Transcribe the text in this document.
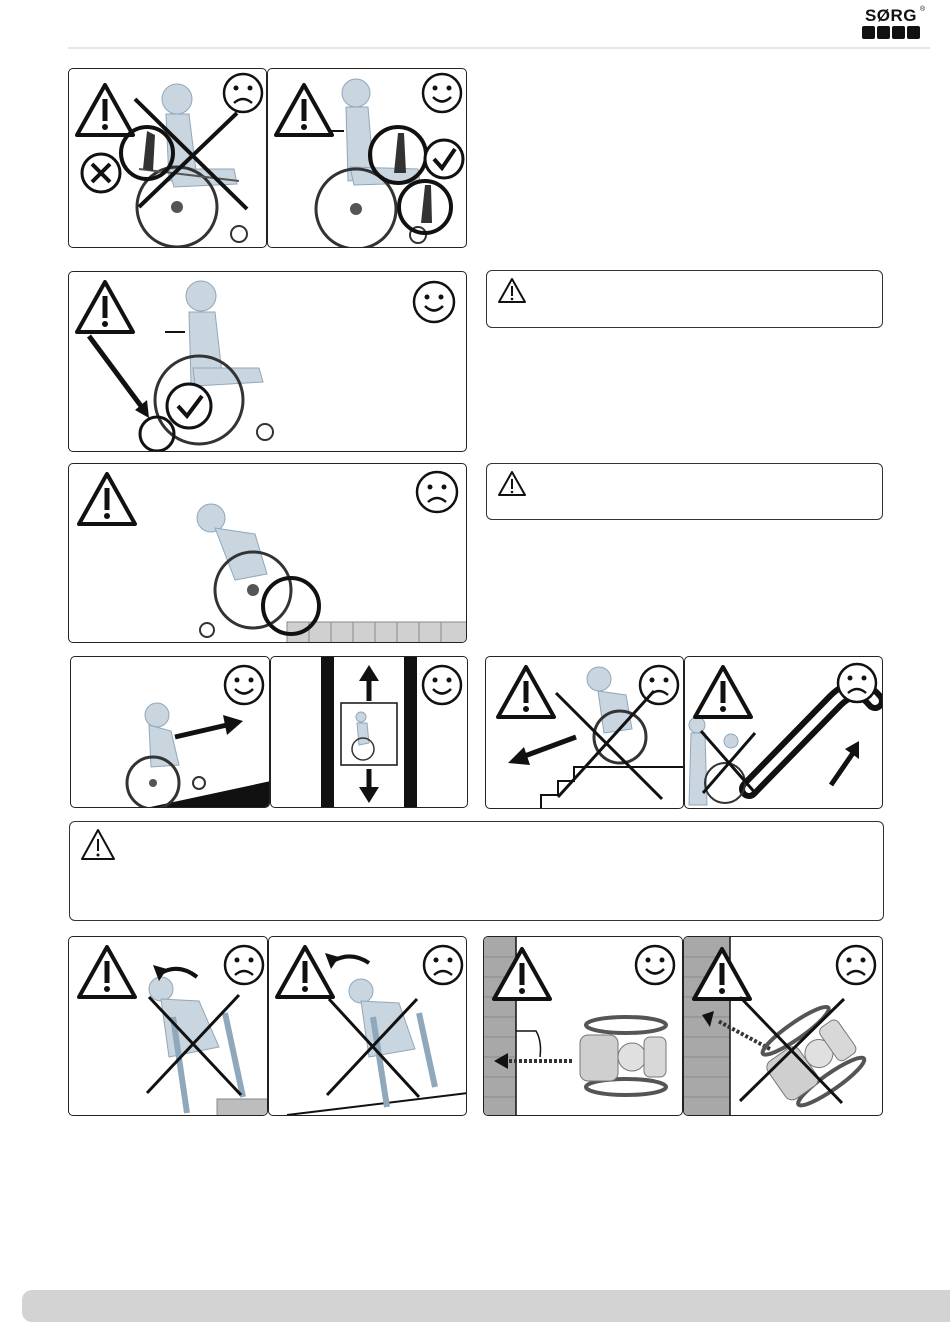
SØRG ®
